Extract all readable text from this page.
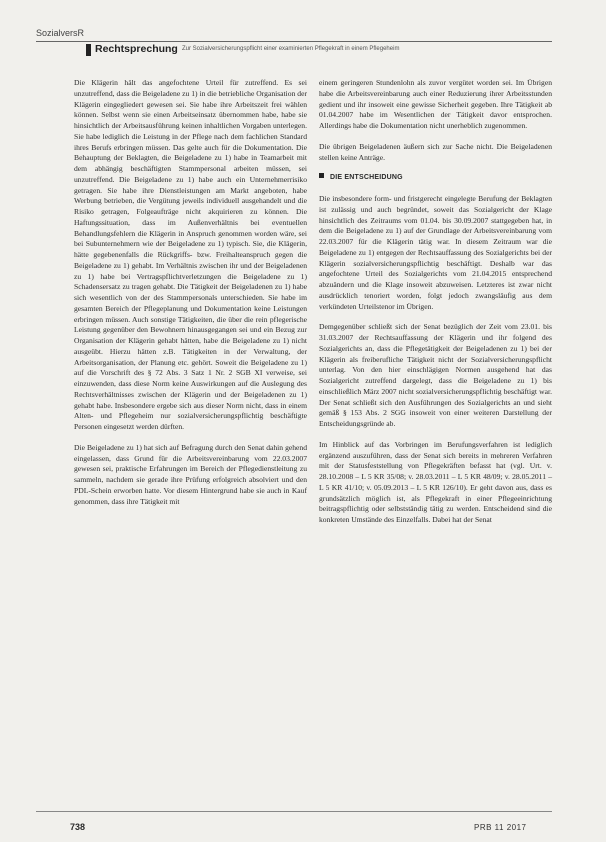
SozialversR
Rechtsprechung Zur Sozialversicherungspflicht einer examinierten Pflegekraft in einem Pflegeheim

Die Klägerin hält das angefochtene Urteil für zutreffend. Es sei unzutreffend, dass die Beigeladene zu 1) in die betriebliche Organisation der Klägerin eingegliedert gewesen sei. Sie habe ihre Arbeitszeit frei wählen können. Selbst wenn sie einen Arbeitseinsatz übernommen habe, habe sie hinsichtlich der Arbeitsausführung keinen inhaltlichen Vorgaben unterlegen. Sie habe lediglich die Leistung in der Pflege nach dem fachlichen Standard ihres Berufs erbringen müssen. Das gelte auch für die Dokumentation. Die Behauptung der Beklagten, die Beigeladene zu 1) habe in Teamarbeit mit dem abhängig beschäftigten Stammpersonal arbeiten müssen, sei unzutreffend. Die Beigeladene zu 1) habe auch ein Unternehmerrisiko getragen. Sie habe ihre Dienstleistungen am Markt angeboten, habe Werbung betrieben, die Vergütung jeweils individuell ausgehandelt und die Risiko getragen, Folgeaufträge nicht akquirieren zu können. Die Haftungssituation, dass im Außenverhältnis bei eventuellen Behandlungsfehlern die Klägerin in Anspruch genommen worden wäre, sei bei Subunternehmern wie der Beigeladene zu 1) typisch. Sie, die Klägerin, hätte gegebenenfalls die Rückgriffs- bzw. Freihalteanspruch gegen die Beigeladene zu 1) gehabt. Im Verhältnis zwischen ihr und der Beigeladenen zu 1) habe bei Vertragspflichtverletzungen die Beigeladene zu 1) Schadensersatz zu tragen gehabt. Die Tätigkeit der Beigeladenen zu 1) habe sich wesentlich von der des Stammpersonals unterschieden. Sie habe im gesamten Bereich der Pflegeplanung und Dokumentation keine Leistungen erbringen müssen. Auch sonstige Tätigkeiten, die über die rein pflegerische Leistung gegenüber den Bewohnern hinausgegangen sei und ein Bezug zur Organisation der Klägerin gehabt hätten, habe die Beigeladene zu 1) nicht ausgeübt. Hierzu hätten z.B. Tätigkeiten in der Verwaltung, der Arbeitsorganisation, der Planung etc. gehört. Soweit die Beigeladene zu 1) auf die Vorschrift des § 72 Abs. 3 Satz 1 Nr. 2 SGB XI verweise, sei einzuwenden, dass diese Norm keine Auswirkungen auf die Auslegung des Rechtsverhältnisses zwischen der Klägerin und der Beigeladenen zu 1) gehabt habe. Insbesondere ergebe sich aus dieser Norm nicht, dass in einem Alten- und Pflegeheim nur sozialversicherungspflichtig beschäftigte Personen eingesetzt werden dürften.

Die Beigeladene zu 1) hat sich auf Befragung durch den Senat dahin gehend eingelassen, dass Grund für die Arbeitsvereinbarung vom 22.03.2007 gewesen sei, praktische Erfahrungen im Bereich der Pflegedienstleitung zu sammeln, nachdem sie gerade ihre Prüfung erfolgreich absolviert und den PDL-Schein erworben hatte. Vor diesem Hintergrund habe sie auch in Kauf genommen, dass ihre Tätigkeit mit

einem geringeren Stundenlohn als zuvor vergütet worden sei. Im Übrigen habe die Arbeitsvereinbarung auch einer Reduzierung ihrer Arbeitsstunden gedient und ihr insoweit eine gewisse Sicherheit gegeben. Ihre Tätigkeit ab 01.04.2007 habe im Wesentlichen der Tätigkeit davor entsprochen. Allerdings habe die Dokumentation nicht unerheblich zugenommen.

Die übrigen Beigeladenen äußern sich zur Sache nicht. Die Beigeladenen stellen keine Anträge.

DIE ENTSCHEIDUNG

Die insbesondere form- und fristgerecht eingelegte Berufung der Beklagten ist zulässig und auch begründet, soweit das Sozialgericht der Klage hinsichtlich des Zeitraums vom 01.04. bis 30.09.2007 stattgegeben hat, in dem die Beigeladene zu 1) auf der Grundlage der Arbeitsvereinbarung vom 22.03.2007 für die Klägerin tätig war. In diesem Zeitraum war die Beigeladene zu 1) entgegen der Rechtsauffassung des Sozialgerichts bei der Klägerin sozialversicherungspflichtig beschäftigt. Deshalb war das angefochtene Urteil des Sozialgerichts vom 21.04.2015 entsprechend abzuändern und die Klage insoweit abzuweisen. Letzteres ist zwar nicht ausdrücklich tenoriert worden, folgt jedoch zwangsläufig aus dem verkündeten Urteilstenor im Übrigen.

Demgegenüber schließt sich der Senat bezüglich der Zeit vom 23.01. bis 31.03.2007 der Rechtsauffassung der Klägerin und ihr folgend des Sozialgerichts an, dass die Pflegetätigkeit der Beigeladenen zu 1) bei der Klägerin als freiberufliche Tätigkeit nicht der Sozialversicherungspflicht unterlag. Von den hier einschlägigen Normen ausgehend hat das Sozialgericht zutreffend dargelegt, dass die Beigeladene zu 1) bis einschließlich März 2007 nicht sozialversicherungspflichtig beschäftigt war. Der Senat schließt sich den Ausführungen des Sozialgerichts an und sieht gemäß § 153 Abs. 2 SGG insoweit von einer weiteren Darstellung der Entscheidungsgründe ab.

Im Hinblick auf das Vorbringen im Berufungsverfahren ist lediglich ergänzend auszuführen, dass der Senat sich bereits in mehreren Verfahren mit der Statusfeststellung von Pflegekräften befasst hat (vgl. Urt. v. 28.10.2008 – L 5 KR 35/08; v. 28.03.2011 – L 5 KR 48/09; v. 28.05.2011 – L 5 KR 41/10; v. 05.09.2013 – L 5 KR 126/10). Er geht davon aus, dass es grundsätzlich möglich ist, als Pflegekraft in einer Pflegeeinrichtung beitragspflichtig oder selbstständig tätig zu werden. Entscheidend sind die konkreten Umstände des Einzelfalls. Dabei hat der Senat

738	PRB 11 2017
